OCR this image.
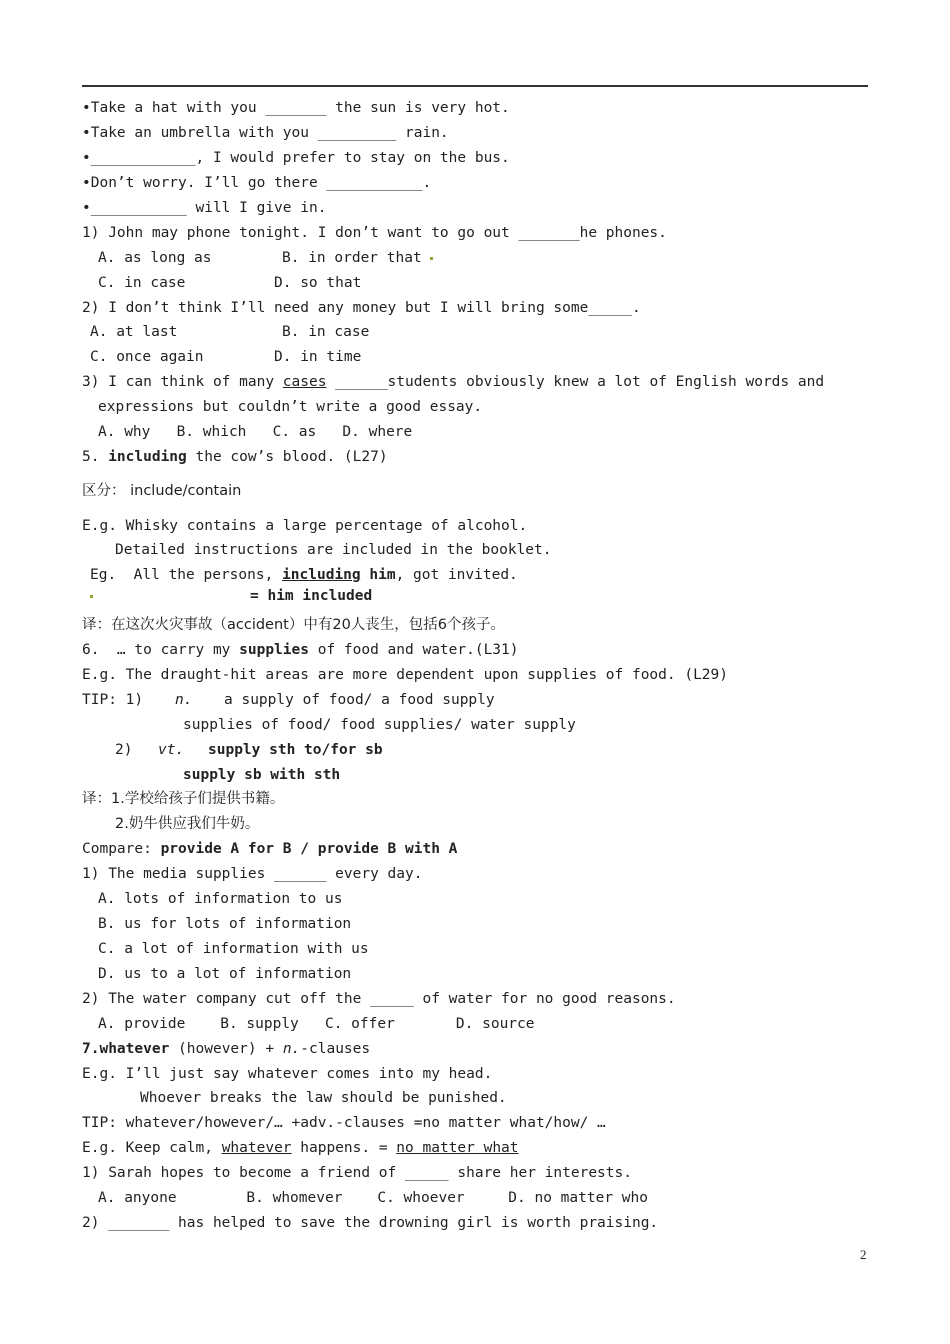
•Take a hat with you _______ the sun is very hot.
•Take an umbrella with you _________ rain.
•____________, I would prefer to stay on the bus.
•Don’t worry. I’ll go there ___________.
•___________ will I give in.
1) John may phone tonight. I don’t want to go out _______he phones.
A. as long as	B. in order that
C. in case	D. so that
2) I don’t think I’ll need any money but I will bring some_____.
A. at last	B. in case
C. once again	D. in time
3) I can think of many cases ______students obviously knew a lot of English words and
expressions but couldn’t write a good essay.
A. why   B. which   C. as   D. where
5. including the cow’s blood. (L27)
区分： include/contain
E.g. Whisky contains a large percentage of alcohol.
Detailed instructions are included in the booklet.
Eg.  All the persons, including him, got invited.
= him included
译：在这次火灾事故（accident）中有20人丧生，包括6个孩子。
6.  … to carry my supplies of food and water.(L31)
E.g. The draught-hit areas are more dependent upon supplies of food. (L29)
TIP: 1) n. a supply of food/ a food supply
supplies of food/ food supplies/ water supply
2) vt. supply sth to/for sb
supply sb with sth
译：1.学校给孩子们提供书籍。
2.奶牛供应我们牛奶。
Compare: provide A for B / provide B with A
1) The media supplies ______ every day.
A. lots of information to us
B. us for lots of information
C. a lot of information with us
D. us to a lot of information
2) The water company cut off the _____ of water for no good reasons.
A. provide    B. supply   C. offer       D. source
7.whatever (however) + n.-clauses
E.g. I’ll just say whatever comes into my head.
Whoever breaks the law should be punished.
TIP: whatever/however/… +adv.-clauses =no matter what/how/ …
E.g. Keep calm, whatever happens. = no matter what
1) Sarah hopes to become a friend of _____ share her interests.
A. anyone        B. whomever    C. whoever     D. no matter who
2) _______ has helped to save the drowning girl is worth praising.
2
